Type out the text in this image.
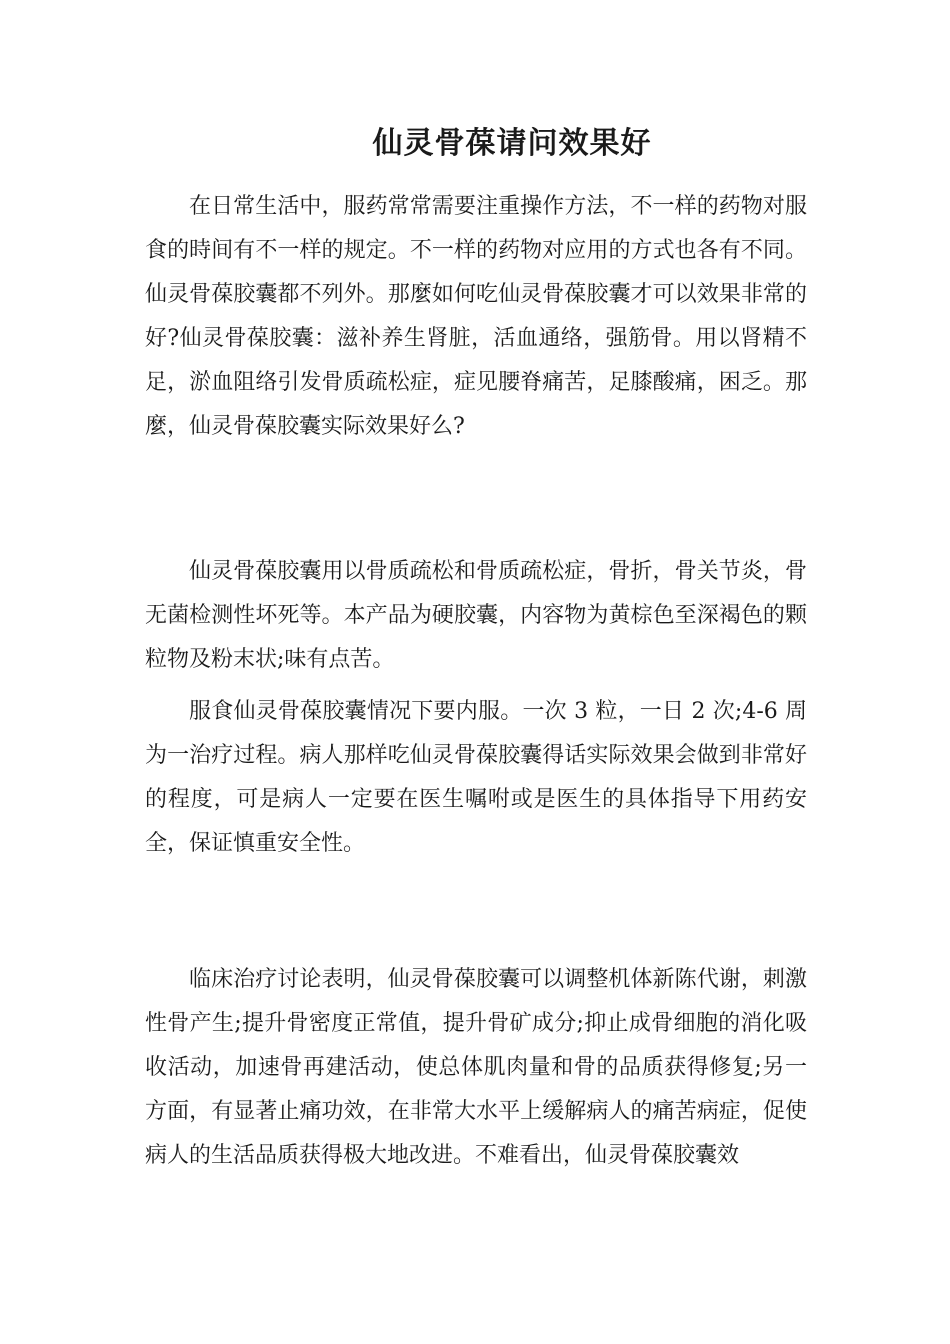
仙灵骨葆请问效果好

在日常生活中，服药常常需要注重操作方法，不一样的药物对服食的時间有不一样的规定。不一样的药物对应用的方式也各有不同。仙灵骨葆胶囊都不列外。那麼如何吃仙灵骨葆胶囊才可以效果非常的好?仙灵骨葆胶囊：滋补养生肾脏，活血通络，强筋骨。用以肾精不足，淤血阻络引发骨质疏松症，症见腰脊痛苦，足膝酸痛，困乏。那麼，仙灵骨葆胶囊实际效果好么?

仙灵骨葆胶囊用以骨质疏松和骨质疏松症，骨折，骨关节炎，骨无菌检测性坏死等。本产品为硬胶囊，内容物为黄棕色至深褐色的颗粒物及粉末状;味有点苦。

服食仙灵骨葆胶囊情况下要内服。一次 3 粒，一日 2 次;4-6 周为一治疗过程。病人那样吃仙灵骨葆胶囊得话实际效果会做到非常好的程度，可是病人一定要在医生嘱咐或是医生的具体指导下用药安全，保证慎重安全性。

临床治疗讨论表明，仙灵骨葆胶囊可以调整机体新陈代谢，刺激性骨产生;提升骨密度正常值，提升骨矿成分;抑止成骨细胞的消化吸收活动，加速骨再建活动，使总体肌肉量和骨的品质获得修复;另一方面，有显著止痛功效，在非常大水平上缓解病人的痛苦病症，促使病人的生活品质获得极大地改进。不难看出，仙灵骨葆胶囊效
